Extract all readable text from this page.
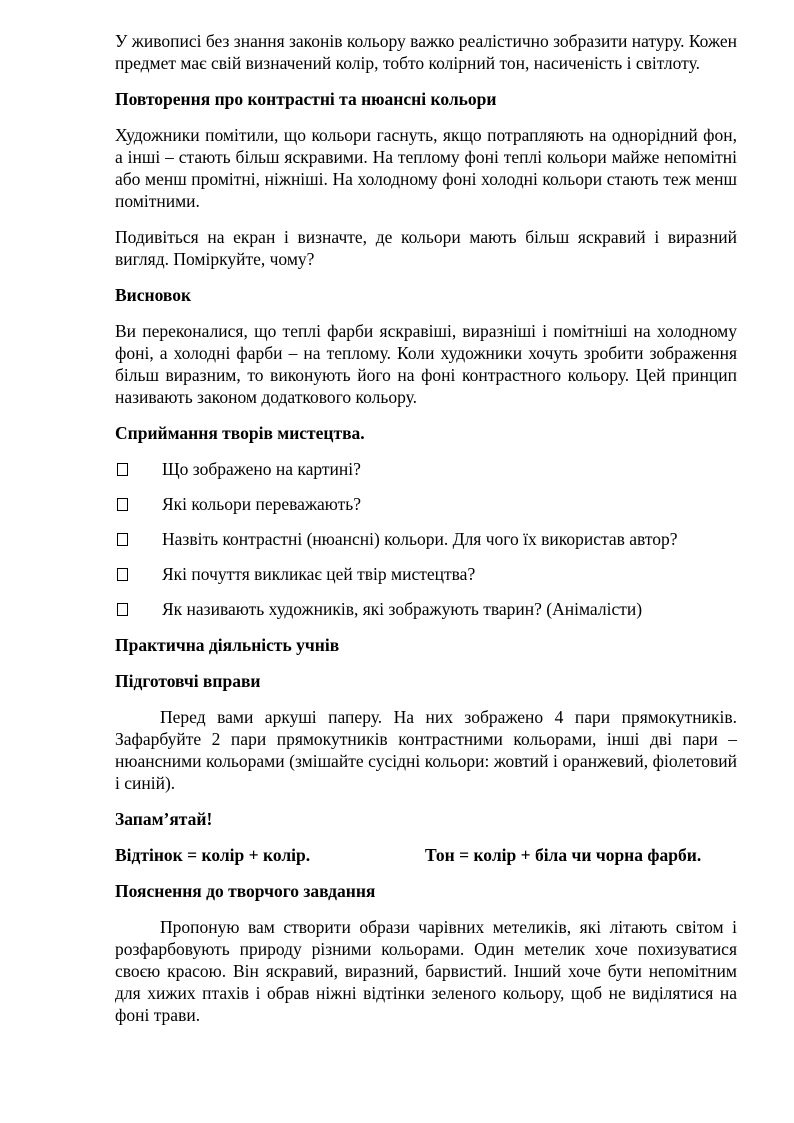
У живописі без знання законів кольору важко реалістично зобразити натуру. Кожен предмет має свій визначений колір, тобто колірний тон, насиченість і світлоту.

Повторення про контрастні та нюансні кольори

Художники помітили, що кольори гаснуть, якщо потрапляють на однорідний фон, а інші – стають більш яскравими. На теплому фоні теплі кольори майже непомітні або менш промітні, ніжніші. На холодному фоні холодні кольори стають теж менш помітними.

Подивіться на екран і визначте, де кольори мають більш яскравий і виразний вигляд. Поміркуйте, чому?

Висновок

Ви переконалися, що теплі фарби яскравіші, виразніші і помітніші на холодному фоні, а холодні фарби – на теплому. Коли художники хочуть зробити зображення більш виразним, то виконують його на фоні контрастного кольору. Цей принцип називають законом додаткового кольору.

Сприймання творів мистецтва.

Що зображено на картині?
Які кольори переважають?
Назвіть контрастні (нюансні) кольори. Для чого їх використав автор?
Які почуття викликає цей твір мистецтва?
Як називають художників, які зображують тварин? (Анімалісти)

Практична діяльність учнів

Підготовчі вправи

Перед вами аркуші паперу. На них зображено 4 пари прямокутників. Зафарбуйте 2 пари прямокутників контрастними кольорами, інші дві пари – нюансними кольорами (змішайте сусідні кольори: жовтий і оранжевий, фіолетовий і синій).

Запам’ятай!

Відтінок = колір + колір.	Тон = колір + біла чи чорна фарби.

Пояснення до творчого завдання

Пропоную вам створити образи чарівних метеликів, які літають світом і розфарбовують природу різними кольорами. Один метелик хоче похизуватися своєю красою. Він яскравий, виразний, барвистий. Інший хоче бути непомітним для хижих птахів і обрав ніжні відтінки зеленого кольору, щоб не виділятися на фоні трави.
